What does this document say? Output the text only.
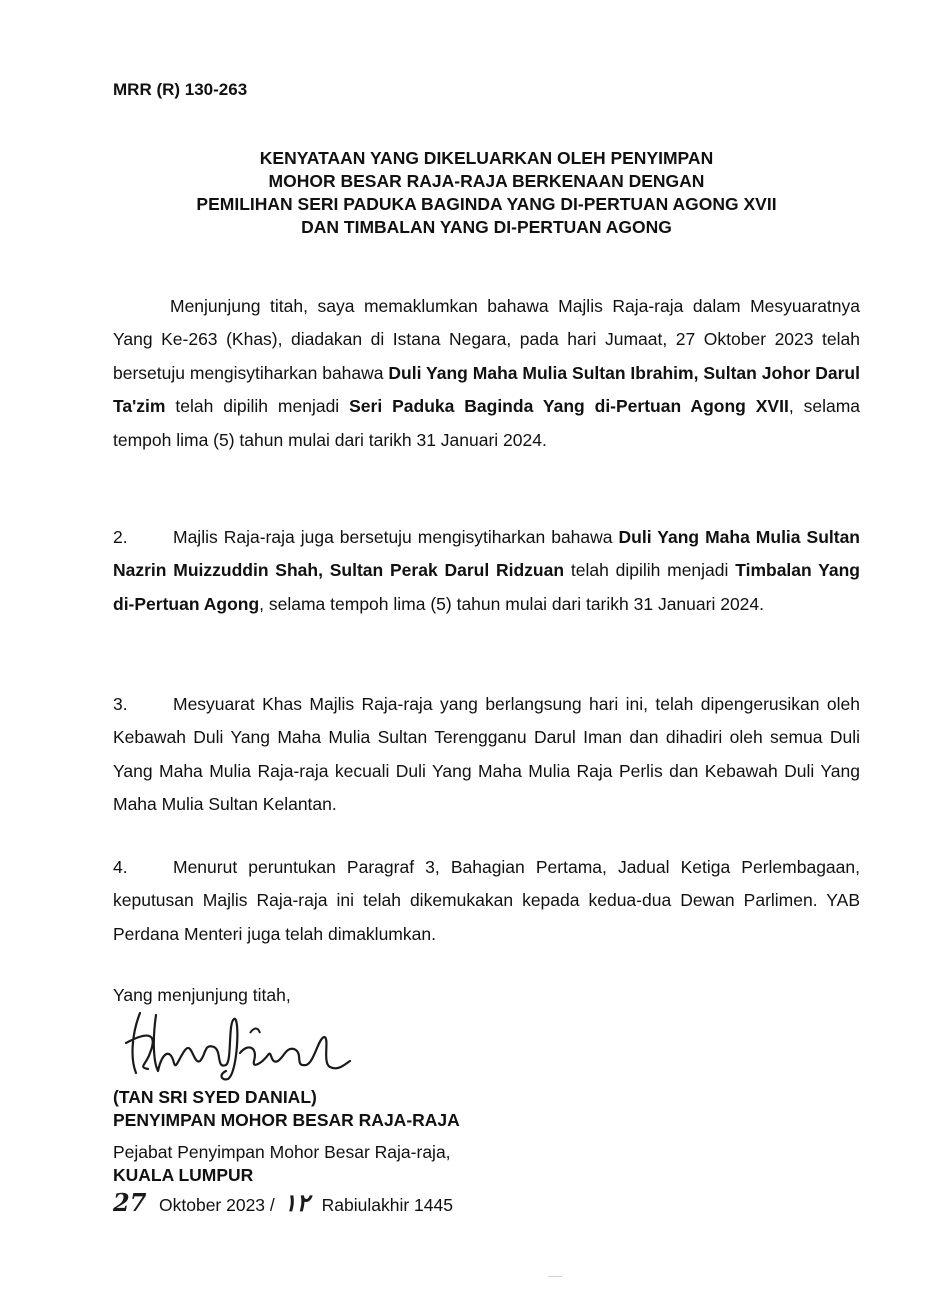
MRR (R) 130-263
KENYATAAN YANG DIKELUARKAN OLEH PENYIMPAN
MOHOR BESAR RAJA-RAJA BERKENAAN DENGAN
PEMILIHAN SERI PADUKA BAGINDA YANG DI-PERTUAN AGONG XVII
DAN TIMBALAN YANG DI-PERTUAN AGONG

Menjunjung titah, saya memaklumkan bahawa Majlis Raja-raja dalam Mesyuaratnya Yang Ke-263 (Khas), diadakan di Istana Negara, pada hari Jumaat, 27 Oktober 2023 telah bersetuju mengisytiharkan bahawa Duli Yang Maha Mulia Sultan Ibrahim, Sultan Johor Darul Ta'zim telah dipilih menjadi Seri Paduka Baginda Yang di-Pertuan Agong XVII, selama tempoh lima (5) tahun mulai dari tarikh 31 Januari 2024.

2.	Majlis Raja-raja juga bersetuju mengisytiharkan bahawa Duli Yang Maha Mulia Sultan Nazrin Muizzuddin Shah, Sultan Perak Darul Ridzuan telah dipilih menjadi Timbalan Yang di-Pertuan Agong, selama tempoh lima (5) tahun mulai dari tarikh 31 Januari 2024.

3.	Mesyuarat Khas Majlis Raja-raja yang berlangsung hari ini, telah dipengerusikan oleh Kebawah Duli Yang Maha Mulia Sultan Terengganu Darul Iman dan dihadiri oleh semua Duli Yang Maha Mulia Raja-raja kecuali Duli Yang Maha Mulia Raja Perlis dan Kebawah Duli Yang Maha Mulia Sultan Kelantan.

4.	Menurut peruntukan Paragraf 3, Bahagian Pertama, Jadual Ketiga Perlembagaan, keputusan Majlis Raja-raja ini telah dikemukakan kepada kedua-dua Dewan Parlimen. YAB Perdana Menteri juga telah dimaklumkan.

Yang menjunjung titah,
(TAN SRI SYED DANIAL)
PENYIMPAN MOHOR BESAR RAJA-RAJA
Pejabat Penyimpan Mohor Besar Raja-raja,
KUALA LUMPUR
27 Oktober 2023 / ١٢ Rabiulakhir 1445
